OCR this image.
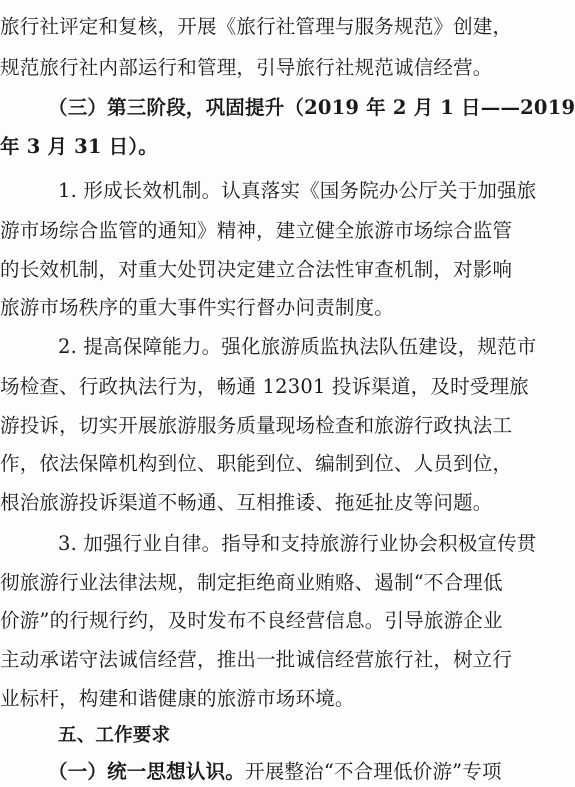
旅行社评定和复核，开展《旅行社管理与服务规范》创建，
规范旅行社内部运行和管理，引导旅行社规范诚信经营。
（三）第三阶段，巩固提升（2019 年 2 月 1 日——2019
年 3 月 31 日）。
1. 形成长效机制。认真落实《国务院办公厅关于加强旅
游市场综合监管的通知》精神，建立健全旅游市场综合监管
的长效机制，对重大处罚决定建立合法性审查机制，对影响
旅游市场秩序的重大事件实行督办问责制度。
2. 提高保障能力。强化旅游质监执法队伍建设，规范市
场检查、行政执法行为，畅通 12301 投诉渠道，及时受理旅
游投诉，切实开展旅游服务质量现场检查和旅游行政执法工
作，依法保障机构到位、职能到位、编制到位、人员到位，
根治旅游投诉渠道不畅通、互相推诿、拖延扯皮等问题。
3. 加强行业自律。指导和支持旅游行业协会积极宣传贯
彻旅游行业法律法规，制定拒绝商业贿赂、遏制“不合理低
价游”的行规行约，及时发布不良经营信息。引导旅游企业
主动承诺守法诚信经营，推出一批诚信经营旅行社，树立行
业标杆，构建和谐健康的旅游市场环境。
五、工作要求
（一）统一思想认识。开展整治“不合理低价游”专项
